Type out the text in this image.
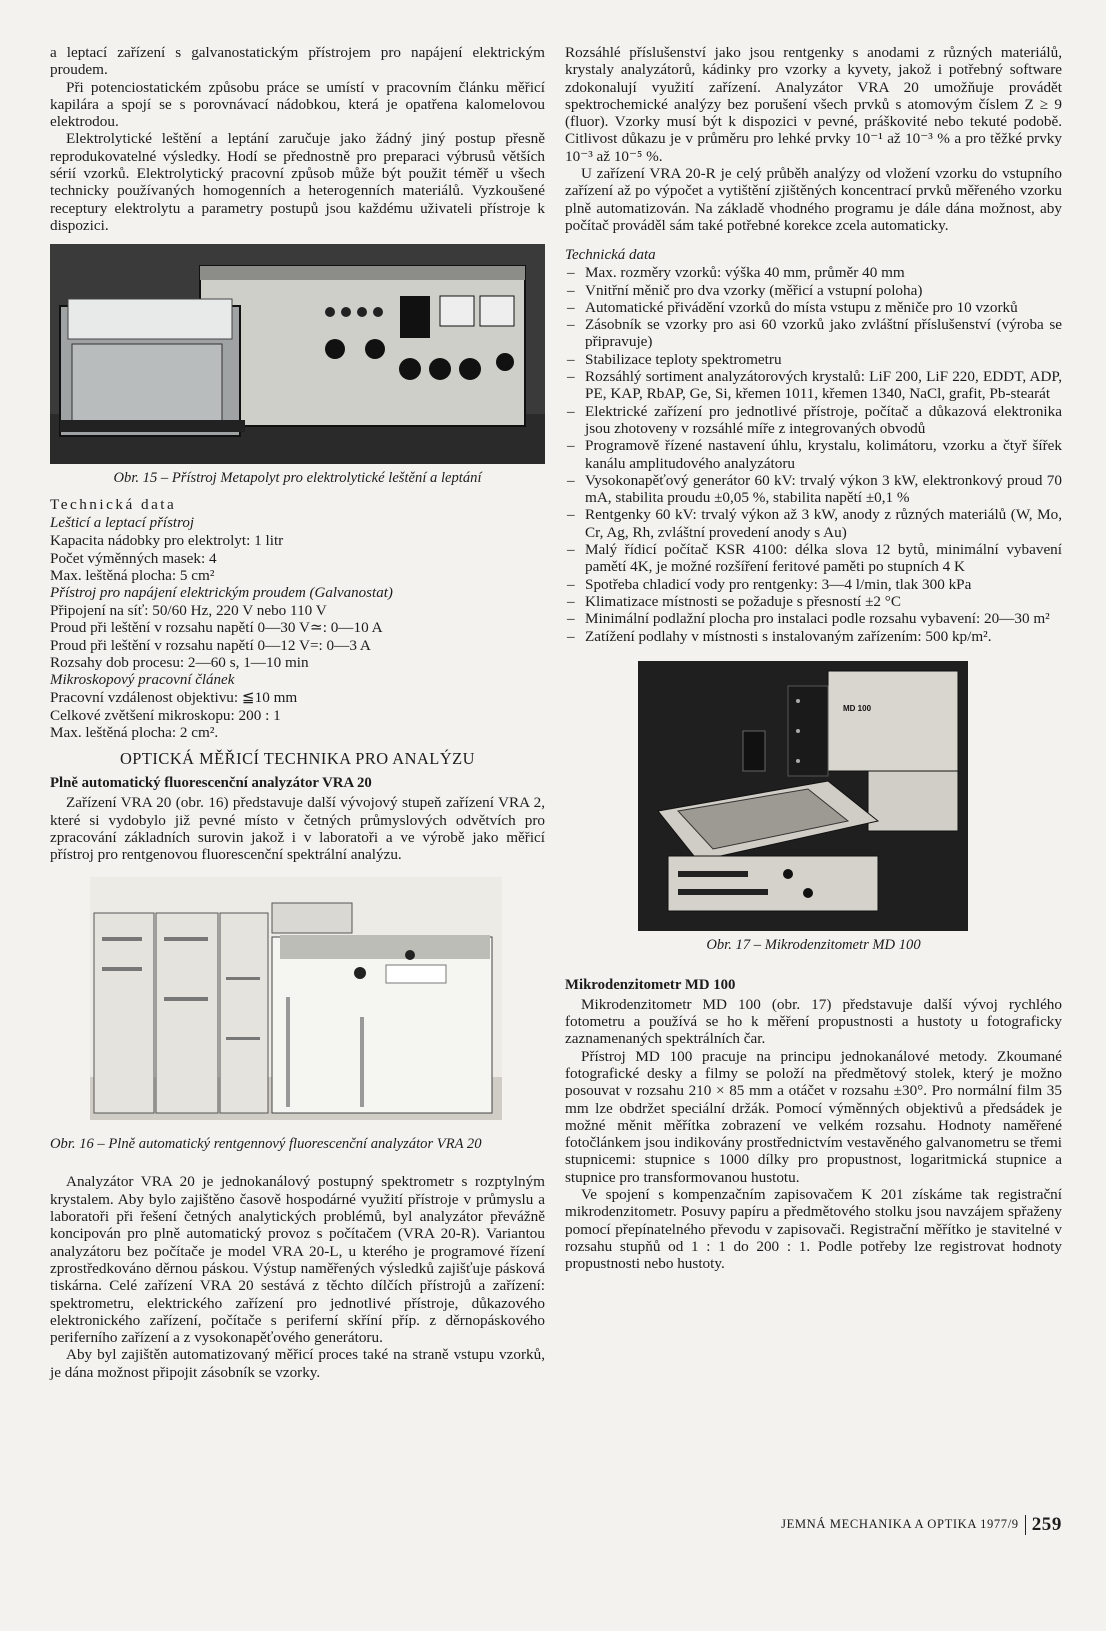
a leptací zařízení s galvanostatickým přístrojem pro napájení elektrickým proudem.

Při potenciostatickém způsobu práce se umístí v pracovním článku měřicí kapilára a spojí se s porovnávací nádobkou, která je opatřena kalomelovou elektrodou.

Elektrolytické leštění a leptání zaručuje jako žádný jiný postup přesně reprodukovatelné výsledky. Hodí se přednostně pro preparaci výbrusů větších sérií vzorků. Elektrolytický pracovní způsob může být použit téměř u všech technicky používaných homogenních a heterogenních materiálů. Vyzkoušené receptury elektrolytu a parametry postupů jsou každému uživateli přístroje k dispozici.

Obr. 15 – Přístroj Metapolyt pro elektrolytické leštění a leptání
Technická data
Lešticí a leptací přístroj
Kapacita nádobky pro elektrolyt: 1 litr
Počet výměnných masek: 4
Max. leštěná plocha: 5 cm²
Přístroj pro napájení elektrickým proudem (Galvanostat)
Připojení na síť: 50/60 Hz, 220 V nebo 110 V
Proud při leštění v rozsahu napětí 0—30 V≃: 0—10 A
Proud při leštění v rozsahu napětí 0—12 V=: 0—3 A
Rozsahy dob procesu: 2—60 s, 1—10 min
Mikroskopový pracovní článek
Pracovní vzdálenost objektivu: ≦10 mm
Celkové zvětšení mikroskopu: 200 : 1
Max. leštěná plocha: 2 cm².
OPTICKÁ MĚŘICÍ TECHNIKA PRO ANALÝZU
Plně automatický fluorescenční analyzátor VRA 20

Zařízení VRA 20 (obr. 16) představuje další vývojový stupeň zařízení VRA 2, které si vydobylo již pevné místo v četných průmyslových odvětvích pro zpracování základních surovin jakož i v laboratoři a ve výrobě jako měřicí přístroj pro rentgenovou fluorescenční spektrální analýzu.

Obr. 16 – Plně automatický rentgennový fluorescenční analyzátor VRA 20

Analyzátor VRA 20 je jednokanálový postupný spektrometr s rozptylným krystalem. Aby bylo zajištěno časově hospodárné využití přístroje v průmyslu a laboratoři při řešení četných analytických problémů, byl analyzátor převážně koncipován pro plně automatický provoz s počítačem (VRA 20-R). Variantou analyzátoru bez počítače je model VRA 20-L, u kterého je programové řízení zprostředkováno děrnou páskou. Výstup naměřených výsledků zajišťuje pásková tiskárna. Celé zařízení VRA 20 sestává z těchto dílčích přístrojů a zařízení: spektrometru, elektrického zařízení pro jednotlivé přístroje, důkazového elektronického zařízení, počítače s periferní skříní příp. z děrnopáskového periferního zařízení a z vysokonapěťového generátoru.

Aby byl zajištěn automatizovaný měřicí proces také na straně vstupu vzorků, je dána možnost připojit zásobník se vzorky.

Rozsáhlé příslušenství jako jsou rentgenky s anodami z různých materiálů, krystaly analyzátorů, kádinky pro vzorky a kyvety, jakož i potřebný software zdokonalují využití zařízení. Analyzátor VRA 20 umožňuje provádět spektrochemické analýzy bez porušení všech prvků s atomovým číslem Z ≥ 9 (fluor). Vzorky musí být k dispozici v pevné, práškovité nebo tekuté podobě. Citlivost důkazu je v průměru pro lehké prvky 10⁻¹ až 10⁻³ % a pro těžké prvky 10⁻³ až 10⁻⁵ %.

U zařízení VRA 20-R je celý průběh analýzy od vložení vzorku do vstupního zařízení až po výpočet a vytištění zjištěných koncentrací prvků měřeného vzorku plně automatizován. Na základě vhodného programu je dále dána možnost, aby počítač prováděl sám také potřebné korekce zcela automaticky.

Technická data
– Max. rozměry vzorků: výška 40 mm, průměr 40 mm
– Vnitřní měnič pro dva vzorky (měřicí a vstupní poloha)
– Automatické přivádění vzorků do místa vstupu z měniče pro 10 vzorků
– Zásobník se vzorky pro asi 60 vzorků jako zvláštní příslušenství (výroba se připravuje)
– Stabilizace teploty spektrometru
– Rozsáhlý sortiment analyzátorových krystalů: LiF 200, LiF 220, EDDT, ADP, PE, KAP, RbAP, Ge, Si, křemen 1011, křemen 1340, NaCl, grafit, Pb-stearát
– Elektrické zařízení pro jednotlivé přístroje, počítač a důkazová elektronika jsou zhotoveny v rozsáhlé míře z integrovaných obvodů
– Programově řízené nastavení úhlu, krystalu, kolimátoru, vzorku a čtyř šířek kanálu amplitudového analyzátoru
– Vysokonapěťový generátor 60 kV: trvalý výkon 3 kW, elektronkový proud 70 mA, stabilita proudu ±0,05 %, stabilita napětí ±0,1 %
– Rentgenky 60 kV: trvalý výkon až 3 kW, anody z různých materiálů (W, Mo, Cr, Ag, Rh, zvláštní provedení anody s Au)
– Malý řídicí počítač KSR 4100: délka slova 12 bytů, minimální vybavení pamětí 4K, je možné rozšíření feritové paměti po stupních 4 K
– Spotřeba chladicí vody pro rentgenky: 3—4 l/min, tlak 300 kPa
– Klimatizace místnosti se požaduje s přesností ±2 °C
– Minimální podlažní plocha pro instalaci podle rozsahu vybavení: 20—30 m²
– Zatížení podlahy v místnosti s instalovaným zařízením: 500 kp/m².
MD 100
Obr. 17 – Mikrodenzitometr MD 100
Mikrodenzitometr MD 100

Mikrodenzitometr MD 100 (obr. 17) představuje další vývoj rychlého fotometru a používá se ho k měření propustnosti a hustoty u fotograficky zaznamenaných spektrálních čar.

Přístroj MD 100 pracuje na principu jednokanálové metody. Zkoumané fotografické desky a filmy se položí na předmětový stolek, který je možno posouvat v rozsahu 210 × 85 mm a otáčet v rozsahu ±30°. Pro normální film 35 mm lze obdržet speciální držák. Pomocí výměnných objektivů a předsádek je možné měnit měřítka zobrazení ve velkém rozsahu. Hodnoty naměřené fotočlánkem jsou indikovány prostřednictvím vestavěného galvanometru se třemi stupnicemi: stupnice s 1000 dílky pro propustnost, logaritmická stupnice a stupnice pro transformovanou hustotu.

Ve spojení s kompenzačním zapisovačem K 201 získáme tak registrační mikrodenzitometr. Posuvy papíru a předmětového stolku jsou navzájem spřaženy pomocí přepínatelného převodu v zapisovači. Registrační měřítko je stavitelné v rozsahu stupňů od 1 : 1 do 200 : 1. Podle potřeby lze registrovat hodnoty propustnosti nebo hustoty.

JEMNÁ MECHANIKA A OPTIKA 1977/9 259
